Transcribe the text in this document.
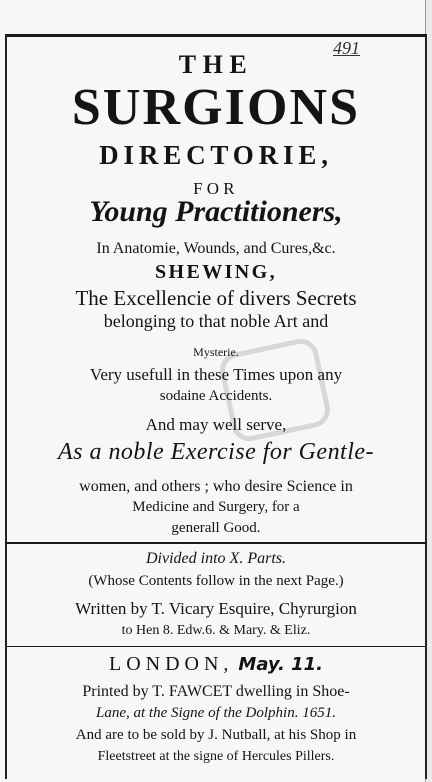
491
THE
SURGIONS
DIRECTORIE,
FOR
Young Practitioners,
In Anatomie, Wounds, and Cures,&c.
SHEWING,
The Excellencie of divers Secrets
belonging to that noble Art and
Mysterie.
Very usefull in these Times upon any
sodaine Accidents.
And may well serve,
As a noble Exercise for Gentle-
women, and others ; who desire Science in
Medicine and Surgery, for a
generall Good.
Divided into X. Parts.
(Whose Contents follow in the next Page.)
Written by T. Vicary Esquire, Chyrurgion
to Hen 8. Edw.6. & Mary. & Eliz.
LONDON, May. 11.
Printed by T. FAWCET dwelling in Shoe-
Lane, at the Signe of the Dolphin. 1651.
And are to be sold by J. Nutball, at his Shop in
Fleetstreet at the signe of Hercules Pillers.
